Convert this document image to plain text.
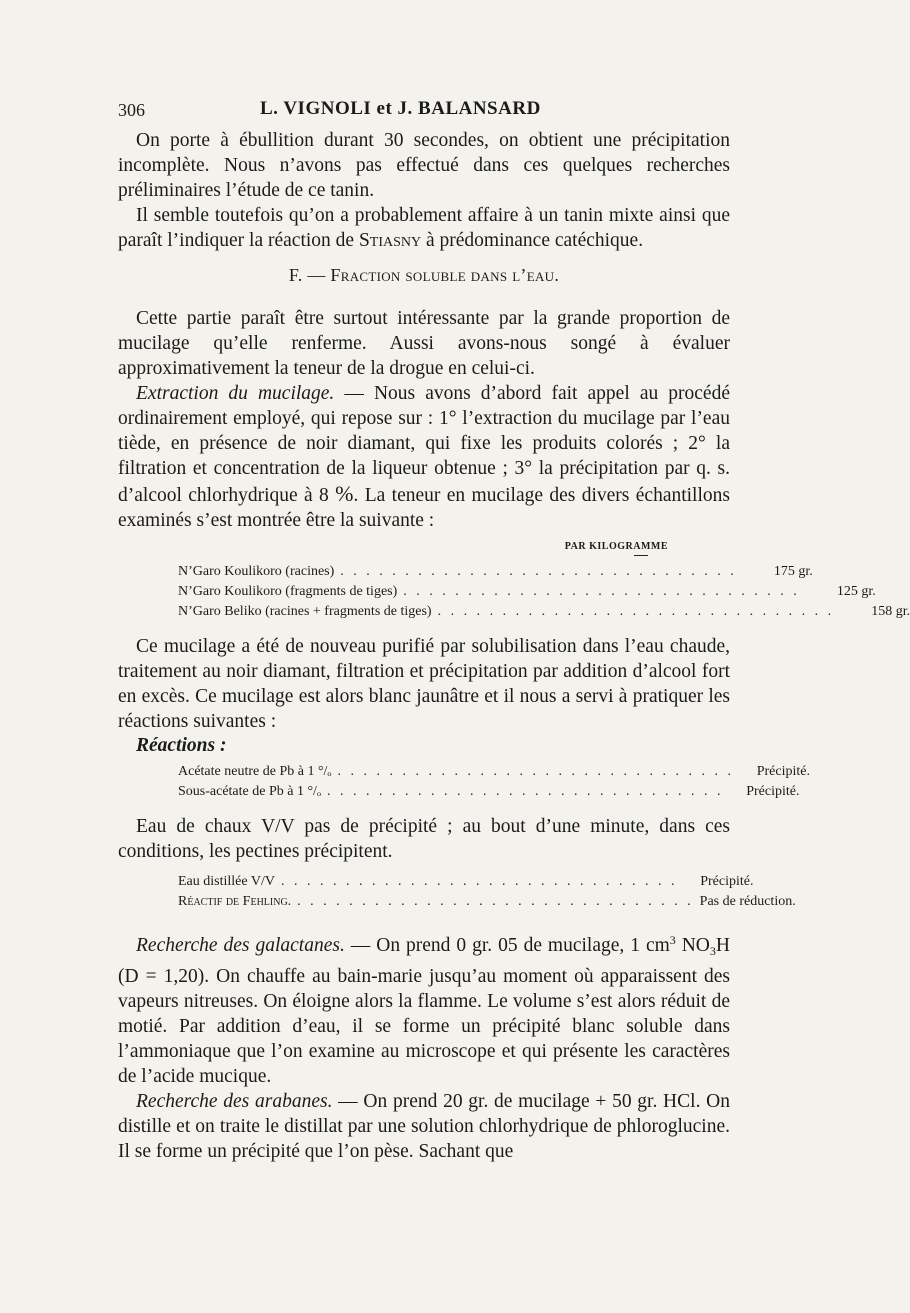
306	L. VIGNOLI et J. BALANSARD

On porte à ébullition durant 30 secondes, on obtient une précipitation incomplète. Nous n’avons pas effectué dans ces quelques recherches préliminaires l’étude de ce tanin.

Il semble toutefois qu’on a probablement affaire à un tanin mixte ainsi que paraît l’indiquer la réaction de Stiasny à prédominance catéchique.

F. — Fraction soluble dans l’eau.

Cette partie paraît être surtout intéressante par la grande proportion de mucilage qu’elle renferme. Aussi avons-nous songé à évaluer approximativement la teneur de la drogue en celui-ci.

Extraction du mucilage. — Nous avons d’abord fait appel au procédé ordinairement employé, qui repose sur : 1° l’extraction du mucilage par l’eau tiède, en présence de noir diamant, qui fixe les produits colorés ; 2° la filtration et concentration de la liqueur obtenue ; 3° la précipitation par q. s. d’alcool chlorhydrique à 8 %. La teneur en mucilage des divers échantillons examinés s’est montrée être la suivante :

PAR KILOGRAMME
N’Garo Koulikoro (racines) . . . . . . . . . . . . . . . . . . . . . . . . . . . . . . .	175 gr.
N’Garo Koulikoro (fragments de tiges) . . . . . . . . . . . . . . . . . . . . . . . . . . . . . . .	125 gr.
N’Garo Beliko (racines + fragments de tiges) . . . . . . . . . . . . . . . . . . . . . . . . . . . . . . .	158 gr.

Ce mucilage a été de nouveau purifié par solubilisation dans l’eau chaude, traitement au noir diamant, filtration et précipitation par addition d’alcool fort en excès. Ce mucilage est alors blanc jaunâtre et il nous a servi à pratiquer les réactions suivantes :

Réactions :
Acétate neutre de Pb à 1 °/ₒ . . . . . . . . . . . . . . . . . . . . . . . . . . . . . . .	Précipité.
Sous-acétate de Pb à 1 °/ₒ . . . . . . . . . . . . . . . . . . . . . . . . . . . . . . .	Précipité.

Eau de chaux V/V pas de précipité ; au bout d’une minute, dans ces conditions, les pectines précipitent.

Eau distillée V/V . . . . . . . . . . . . . . . . . . . . . . . . . . . . . . .	Précipité.
Réactif de Fehling. . . . . . . . . . . . . . . . . . . . . . . . . . . . . . . . Pas de réduction.

Recherche des galactanes. — On prend 0 gr. 05 de mucilage, 1 $cm^3$ $NO_3H$ (D = 1,20). On chauffe au bain-marie jusqu’au moment où apparaissent des vapeurs nitreuses. On éloigne alors la flamme. Le volume s’est alors réduit de motié. Par addition d’eau, il se forme un précipité blanc soluble dans l’ammoniaque que l’on examine au microscope et qui présente les caractères de l’acide mucique.

Recherche des arabanes. — On prend 20 gr. de mucilage + 50 gr. HCl. On distille et on traite le distillat par une solution chlorhydrique de phloroglucine. Il se forme un précipité que l’on pèse. Sachant que
